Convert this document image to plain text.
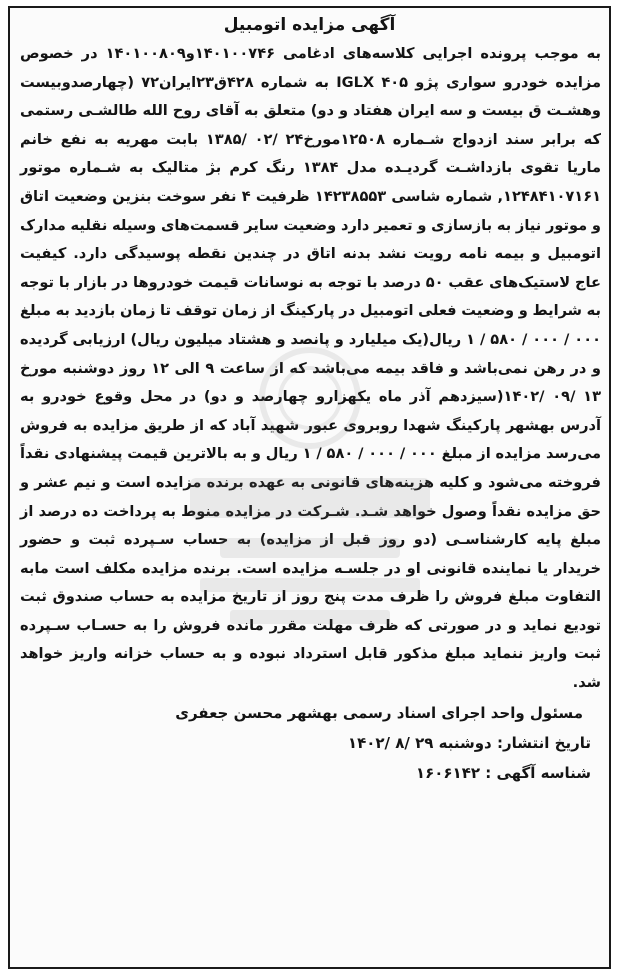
آگهی مزایده اتومبیل

به موجب پرونده اجرایی کلاسه‌های ادغامی ۱۴۰۱۰۰۷۴۶و۱۴۰۱۰۰۸۰۹ در خصوص مزایده خودرو سواری پژو ۴۰۵ IGLX به شماره ۴۲۸ق۲۳ایران۷۲ (چهارصدوبیست وهشـت ق بیست و سه ایران هفتاد و دو) متعلق به آقای روح الله طالشـی رستمی که برابر سند ازدواج شـماره ۱۲۵۰۸مورخ۲۴ /۰۲ /۱۳۸۵ بابت مهریه به نفع خانم ماریا تقوی بازداشـت گردیـده مدل ۱۳۸۴ رنگ کرم بژ متالیک به شـماره موتور ۱۲۴۸۴۱۰۷۱۶۱, شماره شاسی ۱۴۲۳۸۵۵۳ ظرفیت ۴ نفر سوخت بنزین وضعیت اتاق و موتور نیاز به بازسازی و تعمیر دارد وضعیت سایر قسمت‌های وسیله نقلیه مدارک اتومبیل و بیمه نامه رویت نشد بدنه اتاق در چندین نقطه پوسیدگی دارد. کیفیت عاج لاستیک‌های عقب ۵۰ درصد با توجه به نوسانات قیمت خودروها در بازار با توجه به شرایط و وضعیت فعلی اتومبیل در پارکینگ از زمان توقف تا زمان بازدید به مبلغ ۰۰۰ / ۰۰۰ / ۵۸۰ / ۱ ریال(یک میلیارد و پانصد و هشتاد میلیون ریال) ارزیابی گردیده و در رهن نمی‌باشد و فاقد بیمه می‌باشد که از ساعت ۹ الی ۱۲ روز دوشنبه مورخ ۱۳ /۰۹ /۱۴۰۲(سیزدهم آذر ماه یکهزارو چهارصد و دو) در محل وقوع خودرو به آدرس بهشهر پارکینگ شهدا روبروی عبور شهید آباد که از طریق مزایده به فروش می‌رسد مزایده از مبلغ ۰۰۰ / ۰۰۰ / ۵۸۰ / ۱ ریال و به بالاترین قیمت پیشنهادی نقداً فروخته می‌شود و کلیه هزینه‌های قانونی به عهده برنده مزایده است و نیم عشر و حق مزایده نقداً وصول خواهد شـد. شـرکت در مزایده منوط به پرداخت ده درصد از مبلغ پایه کارشناسـی (دو روز قبل از مزایده) به حساب سـپرده ثبت و حضور خریدار یا نماینده قانونی او در جلسـه مزایده است. برنده مزایده مکلف است مابه التفاوت مبلغ فروش را ظرف مدت پنج روز از تاریخ مزایده به حساب صندوق ثبت تودیع نماید و در صورتی که ظرف مهلت مقرر مانده فروش را به حسـاب سـپرده ثبت واریز ننماید مبلغ مذکور قابل استرداد نبوده و به حساب خزانه واریز خواهد شد.

مسئول واحد اجرای اسناد رسمی بهشهر محسن جعفری
تاریخ انتشار: دوشنبه ۲۹ /۸ /۱۴۰۲
شناسه آگهی : ۱۶۰۶۱۴۲
